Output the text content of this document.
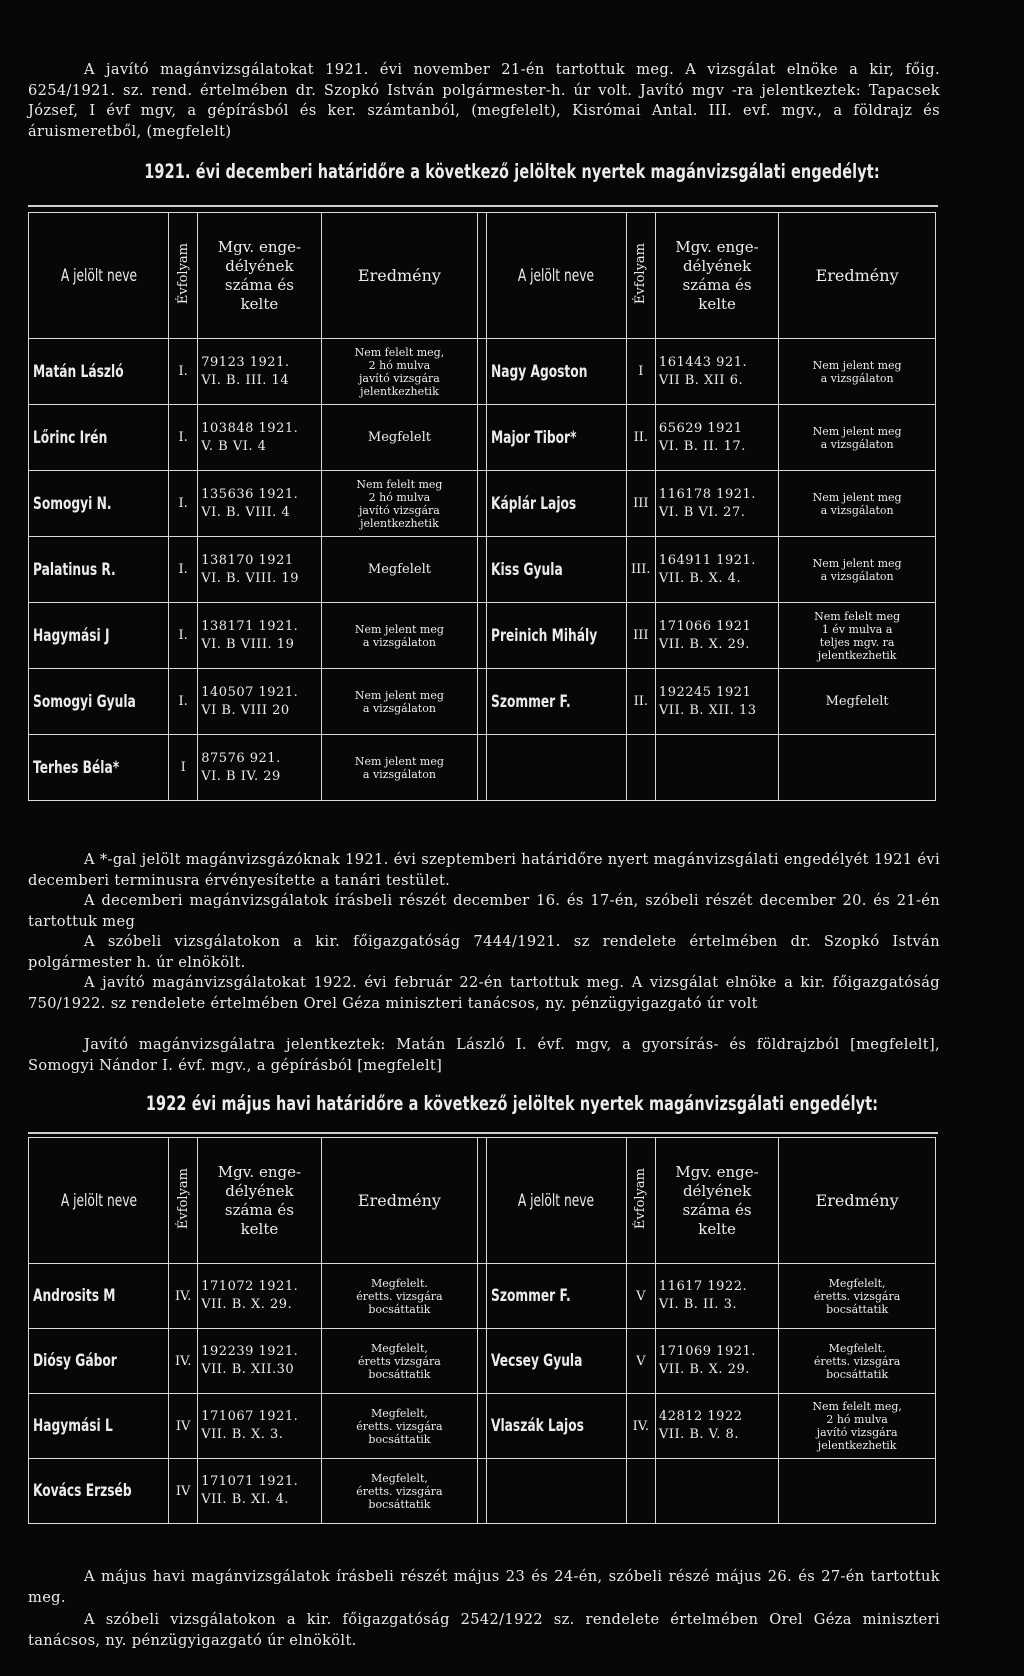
A javító magánvizsgálatokat 1921. évi november 21-én tartottuk meg. A vizsgálat elnöke a kir, főig. 6254/1921. sz. rend. értelmében dr. Szopkó István polgármester-h. úr volt. Javító mgv -ra jelentkeztek: Tapacsek József, I évf mgv, a gépírásból és ker. számtanból, (megfelelt), Kisrómai Antal. III. evf. mgv., a földrajz és áruismeretből, (megfelelt)

1921. évi decemberi határidőre a következő jelöltek nyertek magánvizsgálati engedélyt:

A jelölt neve	Évfolyam	Mgv. enge-
délyének
száma és
kelte	Eredmény		A jelölt neve	Évfolyam	Mgv. enge-
délyének
száma és
kelte	Eredmény
Matán László	I.	79123 1921.
VI. B. III. 14	Nem felelt meg,
2 hó mulva
javító vizsgára
jelentkezhetik		Nagy Agoston	I	161443 921.
VII B. XII 6.	Nem jelent meg
a vizsgálaton

Lőrinc Irén	I.	103848 1921.
V. B VI. 4	Megfelelt		Major Tibor*	II.	65629 1921
VI. B. II. 17.	Nem jelent meg
a vizsgálaton

Somogyi N.	I.	135636 1921.
VI. B. VIII. 4	Nem felelt meg
2 hó mulva
javító vizsgára
jelentkezhetik		Káplár Lajos	III	116178 1921.
VI. B VI. 27.	Nem jelent meg
a vizsgálaton

Palatinus R.	I.	138170 1921
VI. B. VIII. 19	Megfelelt		Kiss Gyula	III.	164911 1921.
VII. B. X. 4.	Nem jelent meg
a vizsgálaton

Hagymási J	I.	138171 1921.
VI. B VIII. 19	Nem jelent meg
a vizsgálaton		Preinich Mihály	III	171066 1921
VII. B. X. 29.	Nem felelt meg
1 év mulva a
teljes mgv. ra
jelentkezhetik

Somogyi Gyula	I.	140507 1921.
VI B. VIII 20	Nem jelent meg
a vizsgálaton		Szommer F.	II.	192245 1921
VII. B. XII. 13	Megfelelt

Terhes Béla*	I	87576 921.
VI. B IV. 29	Nem jelent meg
a vizsgálaton					

A *-gal jelölt magánvizsgázóknak 1921. évi szeptemberi határidőre nyert magánvizsgálati engedélyét 1921 évi decemberi terminusra érvényesítette a tanári testület.

A decemberi magánvizsgálatok írásbeli részét december 16. és 17-én, szóbeli részét december 20. és 21-én tartottuk meg

A szóbeli vizsgálatokon a kir. főigazgatóság 7444/1921. sz rendelete értelmében dr. Szopkó István polgármester h. úr elnökölt.

A javító magánvizsgálatokat 1922. évi február 22-én tartottuk meg. A vizsgálat elnöke a kir. főigazgatóság 750/1922. sz rendelete értelmében Orel Géza miniszteri tanácsos, ny. pénzügyigazgató úr volt

Javító magánvizsgálatra jelentkeztek: Matán László I. évf. mgv, a gyorsírás- és földrajzból [megfelelt], Somogyi Nándor I. évf. mgv., a gépírásból [megfelelt]

1922 évi május havi határidőre a következő jelöltek nyertek magánvizsgálati engedélyt:

A jelölt neve	Évfolyam	Mgv. enge-
délyének
száma és
kelte	Eredmény		A jelölt neve	Évfolyam	Mgv. enge-
délyének
száma és
kelte	Eredmény
Androsits M	IV.	171072 1921.
VII. B. X. 29.	Megfelelt.
éretts. vizsgára
bocsáttatik		Szommer F.	V	11617 1922.
VI. B. II. 3.	Megfelelt,
éretts. vizsgára
bocsáttatik

Diósy Gábor	IV.	192239 1921.
VII. B. XII.30	Megfelelt,
éretts vizsgára
bocsáttatik		Vecsey Gyula	V	171069 1921.
VII. B. X. 29.	Megfelelt.
éretts. vizsgára
bocsáttatik

Hagymási L	IV	171067 1921.
VII. B. X. 3.	Megfelelt,
éretts. vizsgára
bocsáttatik		Vlaszák Lajos	IV.	42812 1922
VII. B. V. 8.	Nem felelt meg,
2 hó mulva
javító vizsgára
jelentkezhetik

Kovács Erzséb	IV	171071 1921.
VII. B. XI. 4.	Megfelelt,
éretts. vizsgára
bocsáttatik					

A május havi magánvizsgálatok írásbeli részét május 23 és 24-én, szóbeli részé május 26. és 27-én tartottuk meg.

A szóbeli vizsgálatokon a kir. főigazgatóság 2542/1922 sz. rendelete értelmében Orel Géza miniszteri tanácsos, ny. pénzügyigazgató úr elnökölt.
